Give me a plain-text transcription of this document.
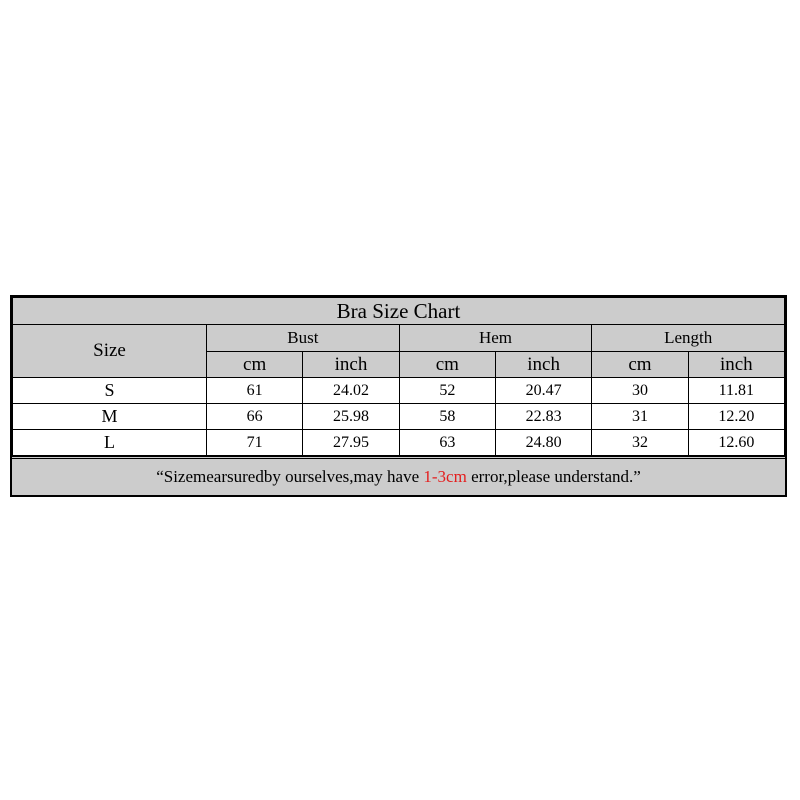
Bra Size Chart						
Size	Bust		Hem		Length	
	cm	inch	cm	inch	cm	inch
S	61	24.02	52	20.47	30	11.81
M	66	25.98	58	22.83	31	12.20
L	71	27.95	63	24.80	32	12.60
“Sizemearsuredby ourselves,may have 1-3cm error,please understand.”
